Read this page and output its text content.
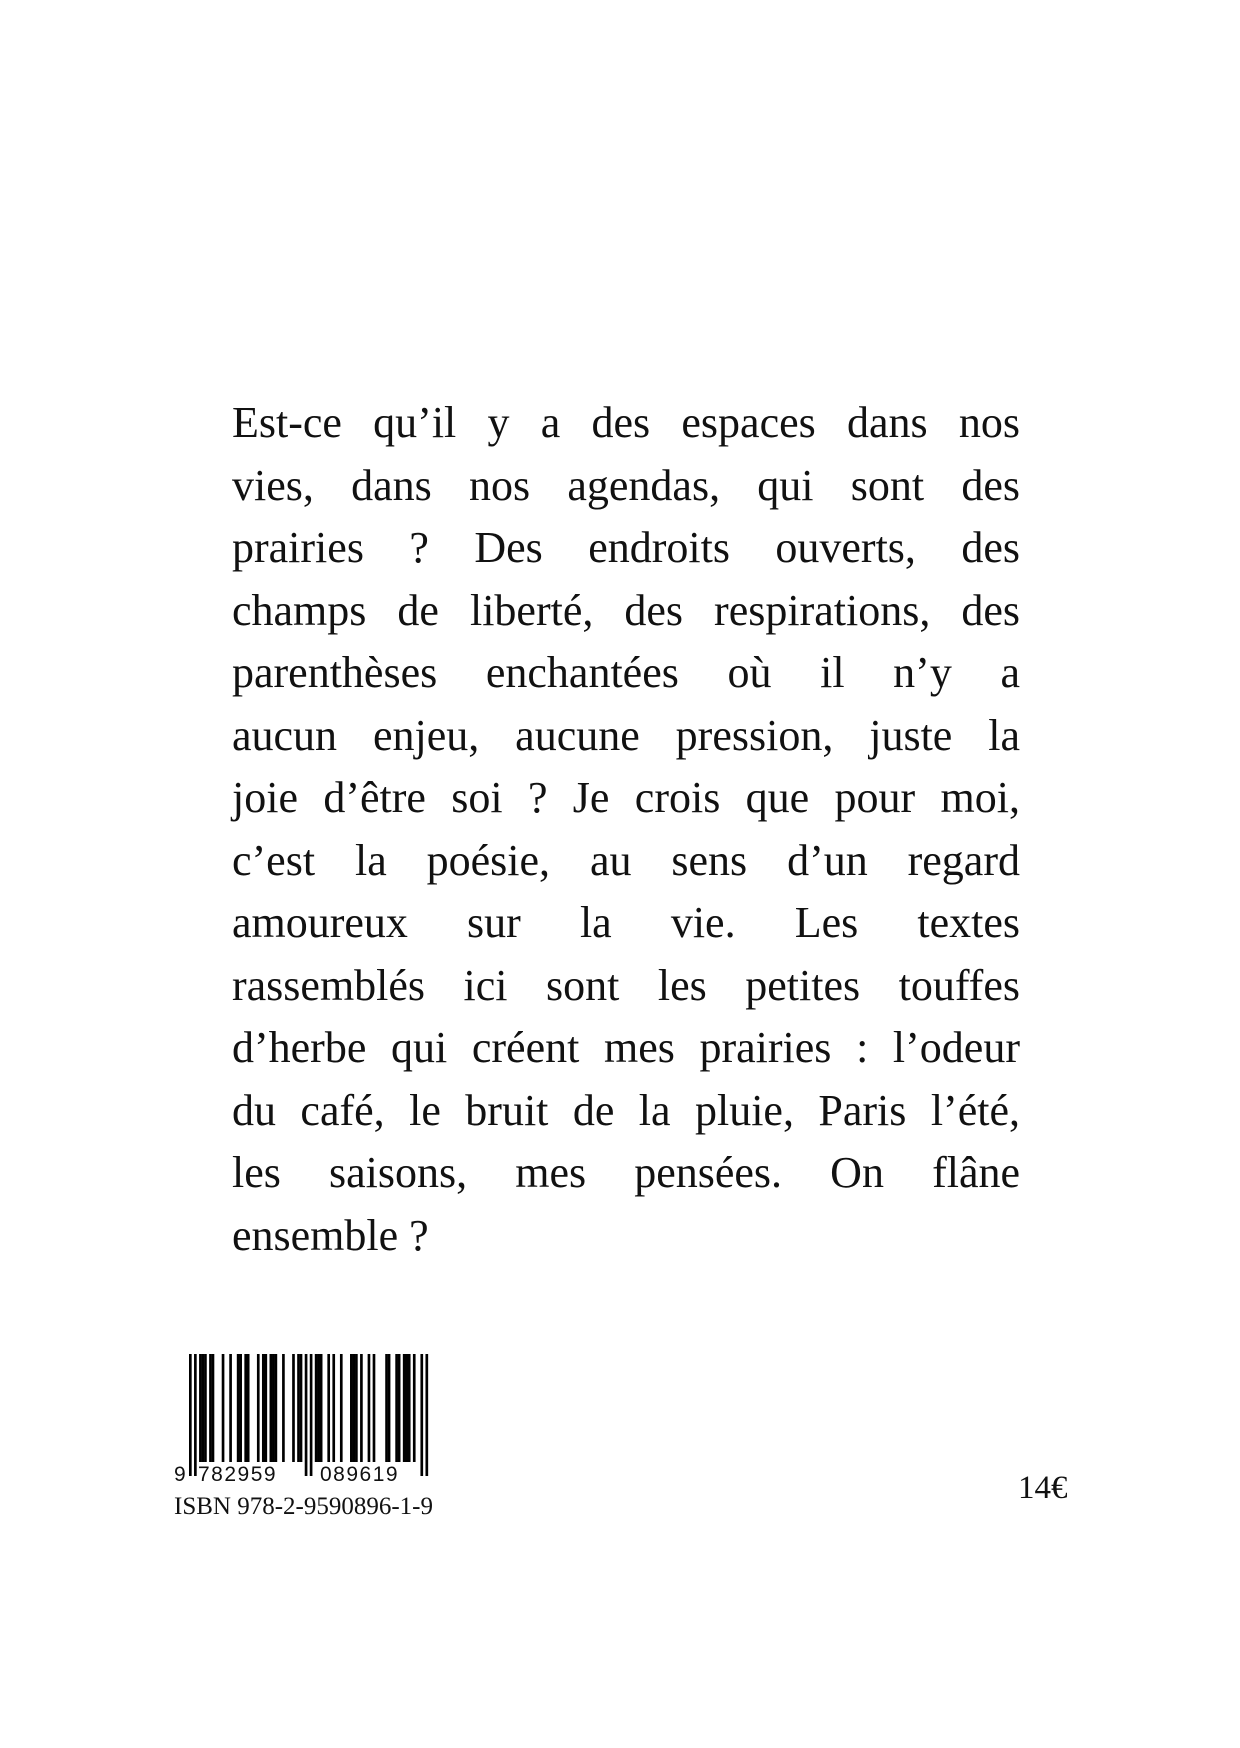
Est-ce qu’il y a des espaces dans nos
vies, dans nos agendas, qui sont des
prairies ? Des endroits ouverts, des
champs de liberté, des respirations, des
parenthèses enchantées où il n’y a
aucun enjeu, aucune pression, juste la
joie d’être soi ? Je crois que pour moi,
c’est la poésie, au sens d’un regard
amoureux sur la vie. Les textes
rassemblés ici sont les petites touffes
d’herbe qui créent mes prairies : l’odeur
du café, le bruit de la pluie, Paris l’été,
les saisons, mes pensées. On flâne
ensemble ?
9 782959 089619
ISBN 978-2-9590896-1-9
14€
